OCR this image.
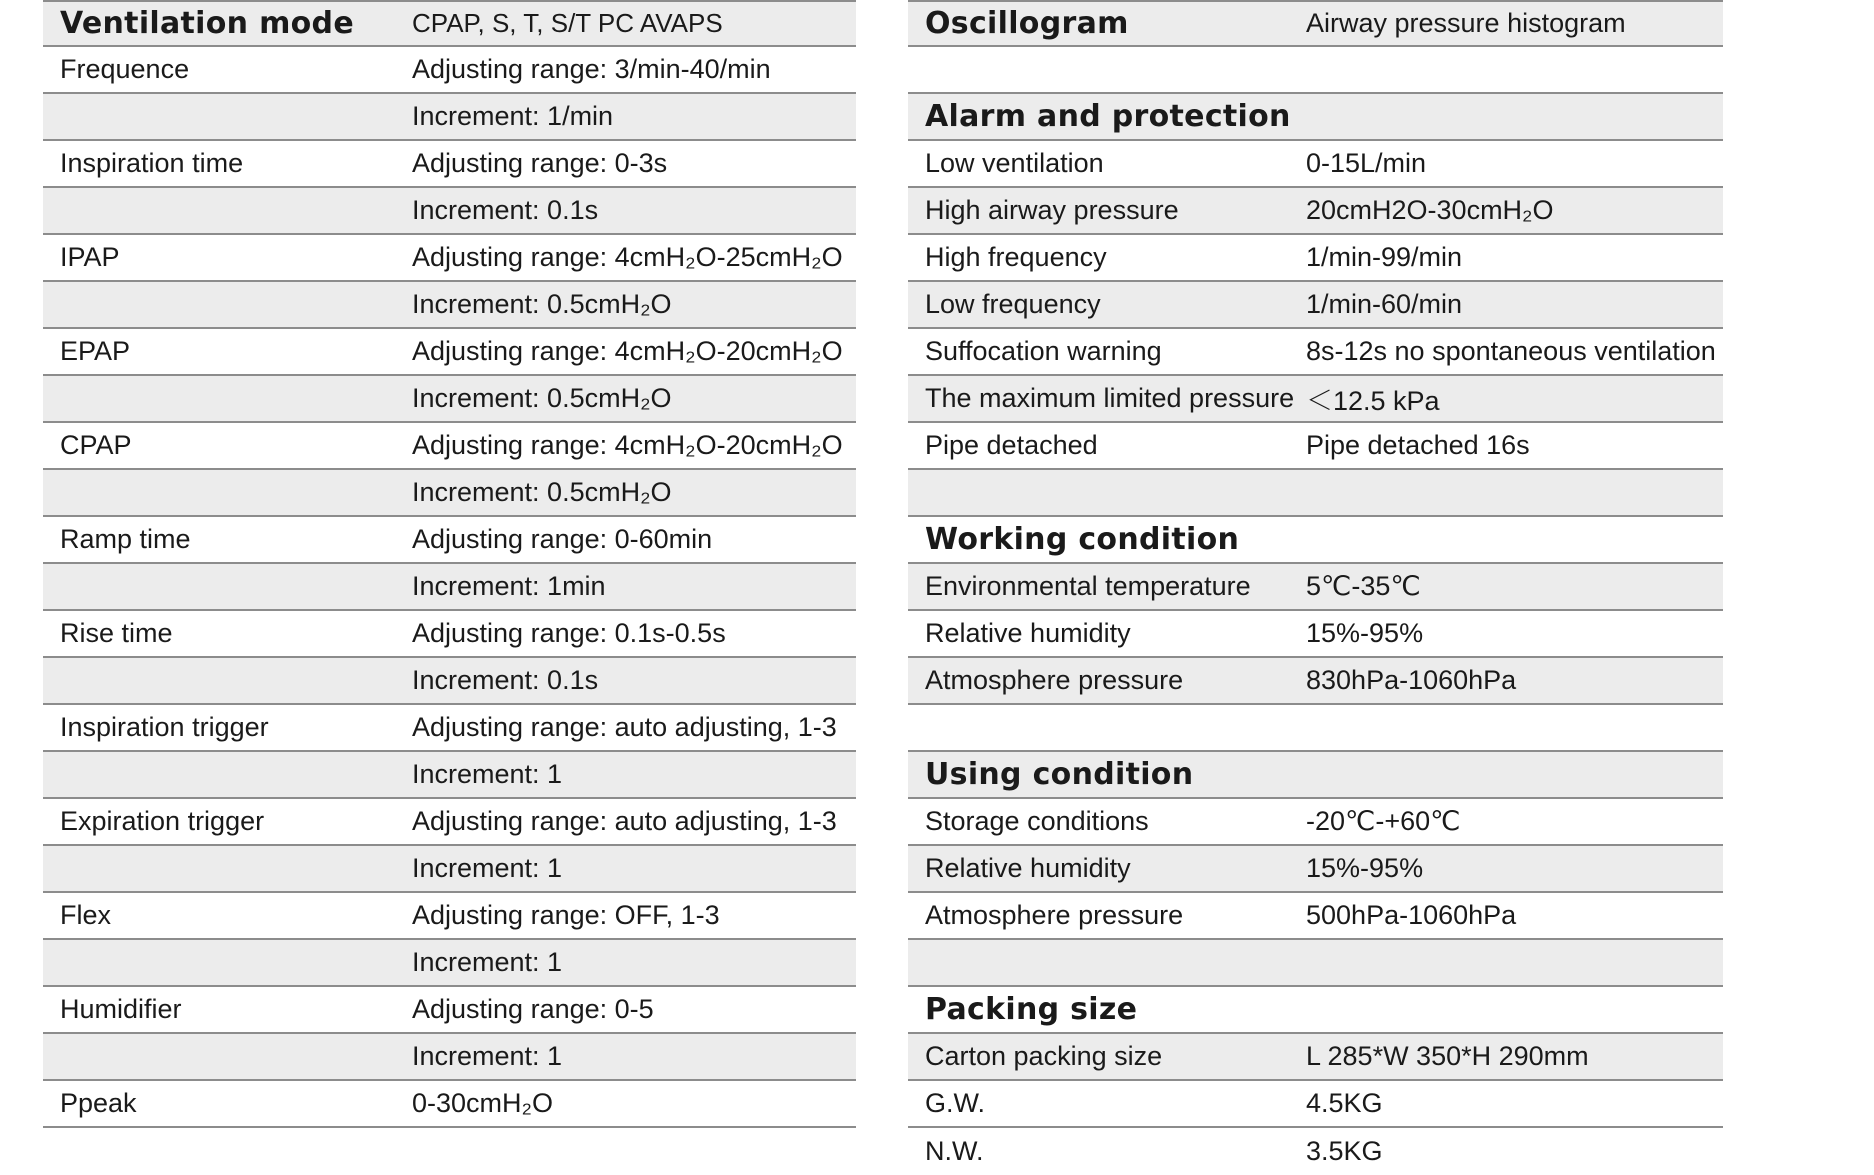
Ventilation mode CPAP, S, T, S/T PC AVAPS
Frequence	Adjusting range: 3/min-40/min
Increment: 1/min
Inspiration time	Adjusting range: 0-3s
Increment: 0.1s
IPAP	Adjusting range: 4cmH₂O-25cmH₂O
Increment: 0.5cmH₂O
EPAP	Adjusting range: 4cmH₂O-20cmH₂O
Increment: 0.5cmH₂O
CPAP	Adjusting range: 4cmH₂O-20cmH₂O
Increment: 0.5cmH₂O
Ramp time	Adjusting range: 0-60min
Increment: 1min
Rise time	Adjusting range: 0.1s-0.5s
Increment: 0.1s
Inspiration trigger	Adjusting range: auto adjusting, 1-3
Increment: 1
Expiration trigger	Adjusting range: auto adjusting, 1-3
Increment: 1
Flex	Adjusting range: OFF, 1-3
Increment: 1
Humidifier	Adjusting range: 0-5
Increment: 1
Ppeak	0-30cmH₂O
Oscillogram	Airway pressure histogram
Alarm and protection
Low ventilation	0-15L/min
High airway pressure	20cmH2O-30cmH₂O
High frequency	1/min-99/min
Low frequency	1/min-60/min
Suffocation warning	8s-12s no spontaneous ventilation
The maximum limited pressure ＜12.5 kPa
Pipe detached	Pipe detached 16s
Working condition
Environmental temperature 5℃-35℃
Relative humidity	15%-95%
Atmosphere pressure	830hPa-1060hPa
Using condition
Storage conditions	-20℃-+60℃
Relative humidity	15%-95%
Atmosphere pressure	500hPa-1060hPa
Packing size
Carton packing size	L 285*W 350*H 290mm
G.W.	4.5KG
N.W.	3.5KG
